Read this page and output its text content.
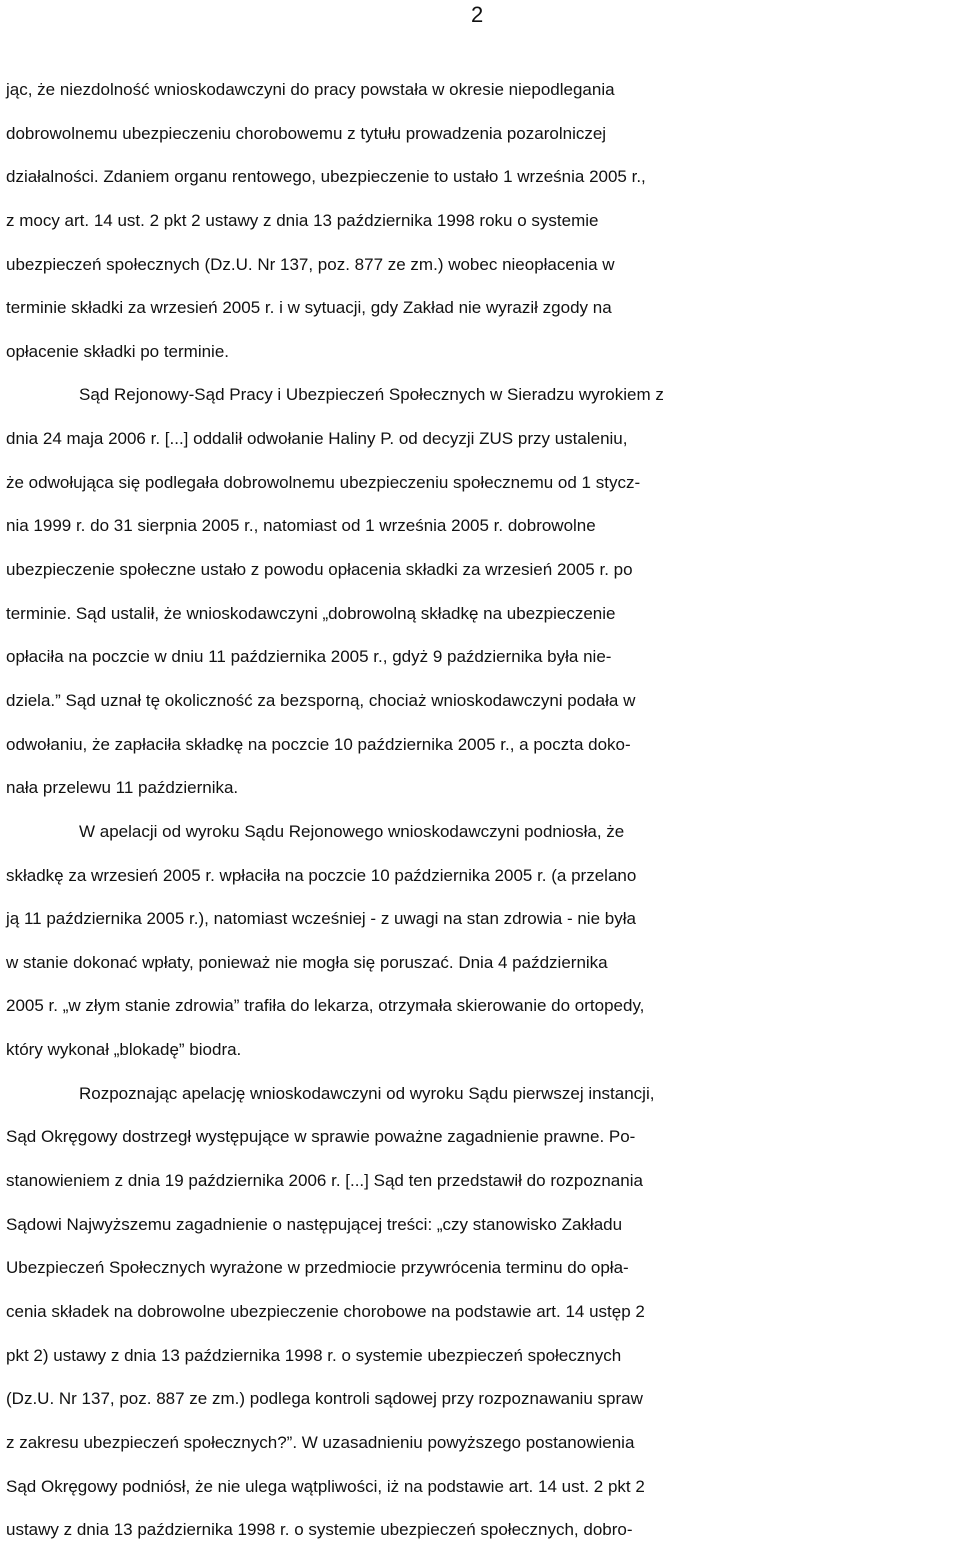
2
jąc, że niezdolność wnioskodawczyni do pracy powstała w okresie niepodlegania
dobrowolnemu ubezpieczeniu chorobowemu z tytułu prowadzenia pozarolniczej
działalności. Zdaniem organu rentowego, ubezpieczenie to ustało 1 września 2005 r.,
z mocy art. 14 ust. 2 pkt 2 ustawy z dnia 13 października 1998 roku o systemie
ubezpieczeń społecznych (Dz.U. Nr 137, poz. 877 ze zm.) wobec nieopłacenia w
terminie składki za wrzesień 2005 r. i w sytuacji, gdy Zakład nie wyraził zgody na
opłacenie składki po terminie.
Sąd Rejonowy-Sąd Pracy i Ubezpieczeń Społecznych w Sieradzu wyrokiem z
dnia 24 maja 2006 r. [...] oddalił odwołanie Haliny P. od decyzji ZUS przy ustaleniu,
że odwołująca się podlegała dobrowolnemu ubezpieczeniu społecznemu od 1 stycz-
nia 1999 r. do 31 sierpnia 2005 r., natomiast od 1 września 2005 r. dobrowolne
ubezpieczenie społeczne ustało z powodu opłacenia składki za wrzesień 2005 r. po
terminie. Sąd ustalił, że wnioskodawczyni „dobrowolną składkę na ubezpieczenie
opłaciła na poczcie w dniu 11 października 2005 r., gdyż 9 października była nie-
dziela.” Sąd uznał tę okoliczność za bezsporną, chociaż wnioskodawczyni podała w
odwołaniu, że zapłaciła składkę na poczcie 10 października 2005 r., a poczta doko-
nała przelewu 11 października.
W apelacji od wyroku Sądu Rejonowego wnioskodawczyni podniosła, że
składkę za wrzesień 2005 r. wpłaciła na poczcie 10 października 2005 r. (a przelano
ją 11 października 2005 r.), natomiast wcześniej - z uwagi na stan zdrowia - nie była
w stanie dokonać wpłaty, ponieważ nie mogła się poruszać. Dnia 4 października
2005 r. „w złym stanie zdrowia” trafiła do lekarza, otrzymała skierowanie do ortopedy,
który wykonał „blokadę” biodra.
Rozpoznając apelację wnioskodawczyni od wyroku Sądu pierwszej instancji,
Sąd Okręgowy dostrzegł występujące w sprawie poważne zagadnienie prawne. Po-
stanowieniem z dnia 19 października 2006 r. [...] Sąd ten przedstawił do rozpoznania
Sądowi Najwyższemu zagadnienie o następującej treści: „czy stanowisko Zakładu
Ubezpieczeń Społecznych wyrażone w przedmiocie przywrócenia terminu do opła-
cenia składek na dobrowolne ubezpieczenie chorobowe na podstawie art. 14 ustęp 2
pkt 2) ustawy z dnia 13 października 1998 r. o systemie ubezpieczeń społecznych
(Dz.U. Nr 137, poz. 887 ze zm.) podlega kontroli sądowej przy rozpoznawaniu spraw
z zakresu ubezpieczeń społecznych?”. W uzasadnieniu powyższego postanowienia
Sąd Okręgowy podniósł, że nie ulega wątpliwości, iż na podstawie art. 14 ust. 2 pkt 2
ustawy z dnia 13 października 1998 r. o systemie ubezpieczeń społecznych, dobro-
